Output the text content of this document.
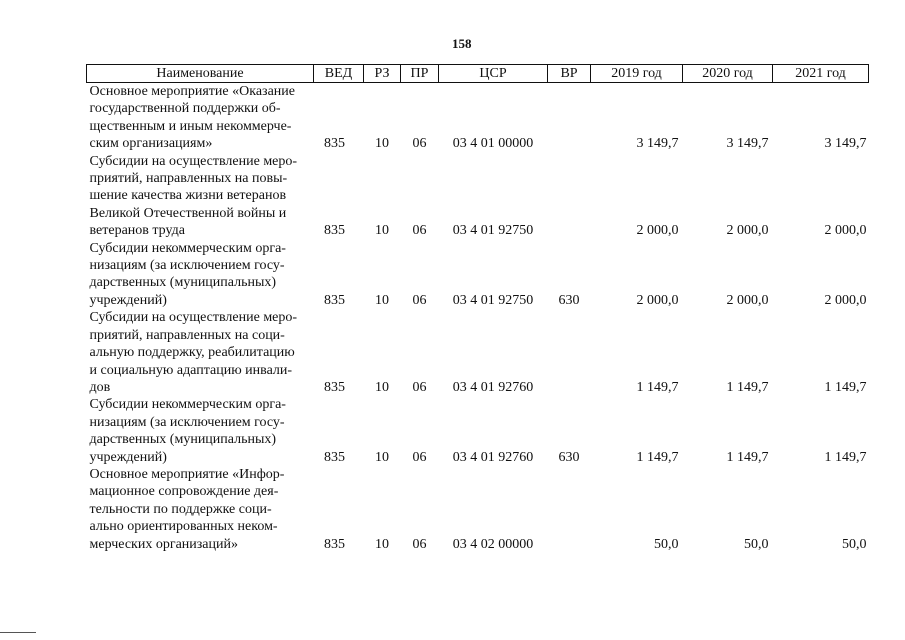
158
Наименование	ВЕД	РЗ	ПР	ЦСР	ВР	2019 год	2020 год	2021 год

Основное мероприятие «Оказание
государственной поддержки об-
щественным и иным некоммерче-
ским организациям»	835	10	06	03 4 01 00000		3 149,7	3 149,7	3 149,7

Субсидии на осуществление меро-
приятий, направленных на повы-
шение качества жизни ветеранов
Великой Отечественной войны и
ветеранов труда	835	10	06	03 4 01 92750		2 000,0	2 000,0	2 000,0

Субсидии некоммерческим орга-
низациям (за исключением госу-
дарственных (муниципальных)
учреждений)	835	10	06	03 4 01 92750	630	2 000,0	2 000,0	2 000,0

Субсидии на осуществление меро-
приятий, направленных на соци-
альную поддержку, реабилитацию
и социальную адаптацию инвали-
дов	835	10	06	03 4 01 92760		1 149,7	1 149,7	1 149,7

Субсидии некоммерческим орга-
низациям (за исключением госу-
дарственных (муниципальных)
учреждений)	835	10	06	03 4 01 92760	630	1 149,7	1 149,7	1 149,7

Основное мероприятие «Инфор-
мационное сопровождение дея-
тельности по поддержке соци-
ально ориентированных неком-
мерческих организаций»	835	10	06	03 4 02 00000		50,0	50,0	50,0
